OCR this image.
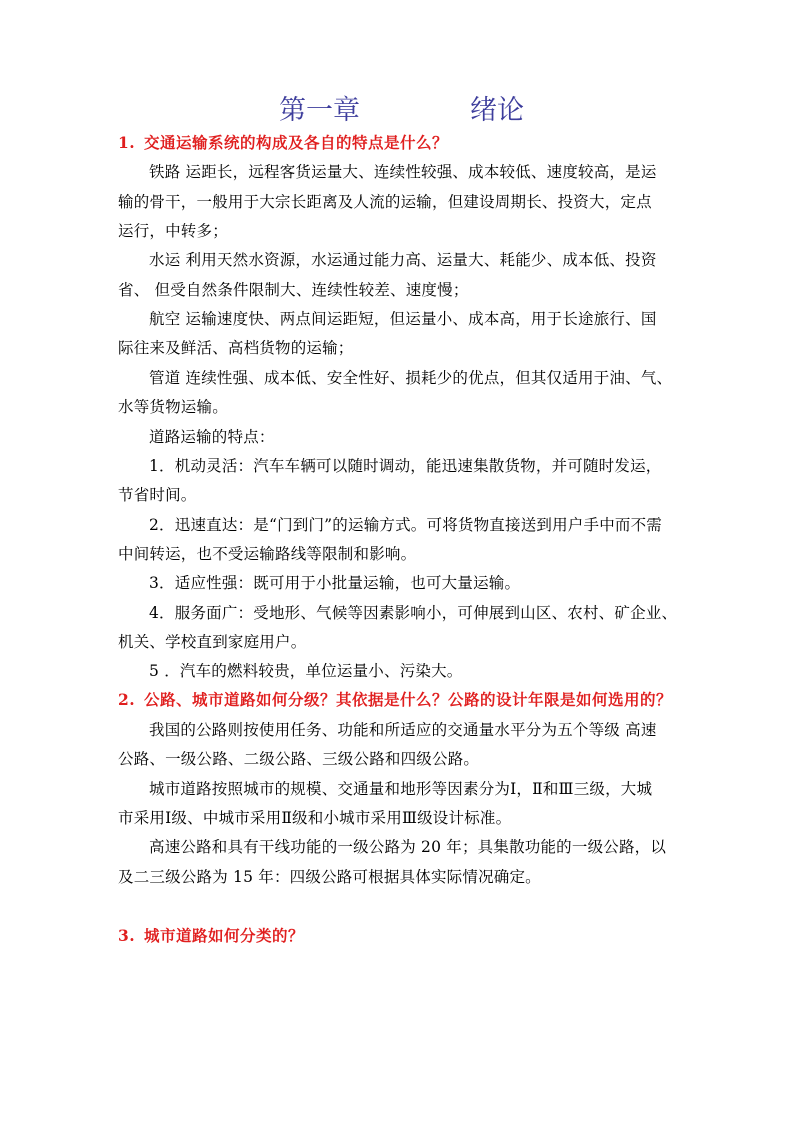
第一章	绪论
1. 交通运输系统的构成及各自的特点是什么？
铁路 运距长，远程客货运量大、连续性较强、成本较低、速度较高，是运
输的骨干，一般用于大宗长距离及人流的运输，但建设周期长、投资大，定点
运行，中转多；
水运 利用天然水资源，水运通过能力高、运量大、耗能少、成本低、投资
省、 但受自然条件限制大、连续性较差、速度慢；
航空 运输速度快、两点间运距短，但运量小、成本高，用于长途旅行、国
际往来及鲜活、高档货物的运输；
管道 连续性强、成本低、安全性好、损耗少的优点，但其仅适用于油、气、
水等货物运输。
道路运输的特点：
1．机动灵活：汽车车辆可以随时调动，能迅速集散货物，并可随时发运，
节省时间。
2．迅速直达：是“门到门”的运输方式。可将货物直接送到用户手中而不需
中间转运，也不受运输路线等限制和影响。
3．适应性强：既可用于小批量运输，也可大量运输。
4．服务面广：受地形、气候等因素影响小，可伸展到山区、农村、矿企业、
机关、学校直到家庭用户。
5 ．汽车的燃料较贵，单位运量小、污染大。
2. 公路、城市道路如何分级？其依据是什么？公路的设计年限是如何选用的？
我国的公路则按使用任务、功能和所适应的交通量水平分为五个等级 高速
公路、一级公路、二级公路、三级公路和四级公路。
城市道路按照城市的规模、交通量和地形等因素分为Ⅰ，Ⅱ和Ⅲ三级，大城
市采用Ⅰ级、中城市采用Ⅱ级和小城市采用Ⅲ级设计标准。
高速公路和具有干线功能的一级公路为 20 年；具集散功能的一级公路，以
及二三级公路为 15 年：四级公路可根据具体实际情况确定。
3. 城市道路如何分类的？
